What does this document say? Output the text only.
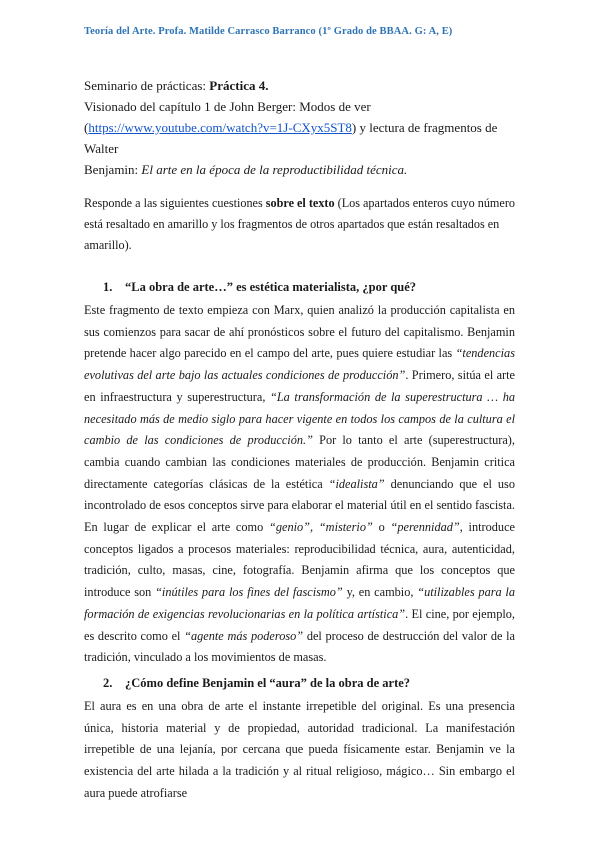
Teoría del Arte. Profa. Matilde Carrasco Barranco (1º Grado de BBAA. G: A, E)

Seminario de prácticas: Práctica 4.

Visionado del capítulo 1 de John Berger: Modos de ver

(https://www.youtube.com/watch?v=1J-CXyx5ST8) y lectura de fragmentos de Walter

Benjamin: El arte en la época de la reproductibilidad técnica.

Responde a las siguientes cuestiones sobre el texto (Los apartados enteros cuyo número está resaltado en amarillo y los fragmentos de otros apartados que están resaltados en amarillo).

1. “La obra de arte…” es estética materialista, ¿por qué?

Este fragmento de texto empieza con Marx, quien analizó la producción capitalista en sus comienzos para sacar de ahí pronósticos sobre el futuro del capitalismo. Benjamin pretende hacer algo parecido en el campo del arte, pues quiere estudiar las “tendencias evolutivas del arte bajo las actuales condiciones de producción”. Primero, sitúa el arte en infraestructura y superestructura, “La transformación de la superestructura … ha necesitado más de medio siglo para hacer vigente en todos los campos de la cultura el cambio de las condiciones de producción.” Por lo tanto el arte (superestructura), cambia cuando cambian las condiciones materiales de producción. Benjamin critica directamente categorías clásicas de la estética “idealista” denunciando que el uso incontrolado de esos conceptos sirve para elaborar el material útil en el sentido fascista. En lugar de explicar el arte como “genio”, “misterio” o “perennidad”, introduce conceptos ligados a procesos materiales: reproducibilidad técnica, aura, autenticidad, tradición, culto, masas, cine, fotografía. Benjamin afirma que los conceptos que introduce son “inútiles para los fines del fascismo” y, en cambio, “utilizables para la formación de exigencias revolucionarias en la política artística”. El cine, por ejemplo, es descrito como el “agente más poderoso” del proceso de destrucción del valor de la tradición, vinculado a los movimientos de masas.

2. ¿Cómo define Benjamin el “aura” de la obra de arte?

El aura es en una obra de arte el instante irrepetible del original. Es una presencia única, historia material y de propiedad, autoridad tradicional. La manifestación irrepetible de una lejanía, por cercana que pueda físicamente estar. Benjamin ve la existencia del arte hilada a la tradición y al ritual religioso, mágico… Sin embargo el aura puede atrofiarse
